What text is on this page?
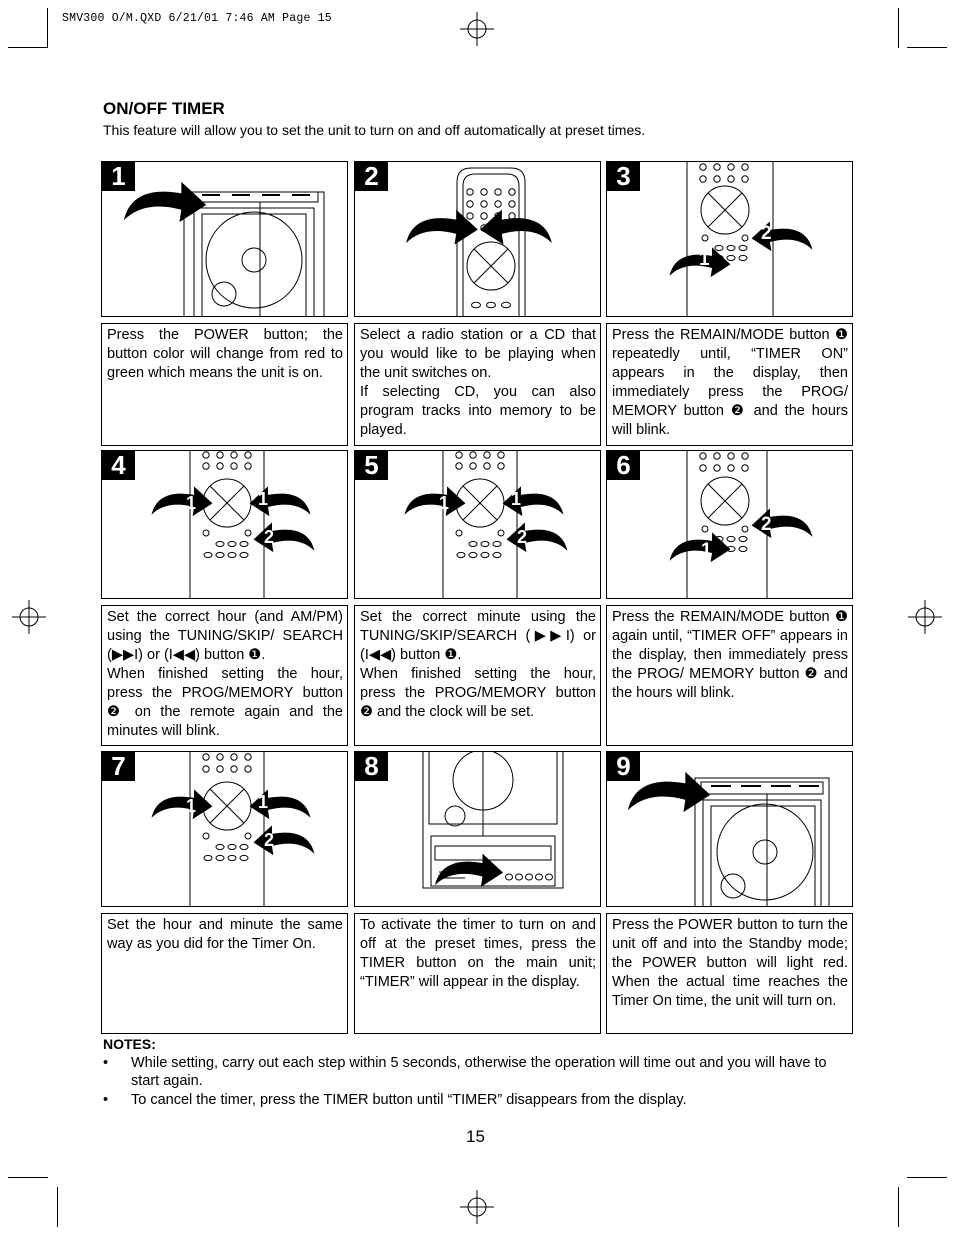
SMV300 O/M.QXD 6/21/01 7:46 AM Page 15
ON/OFF TIMER
This feature will allow you to set the unit to turn on and off automatically at preset times.
1	2	3
1
2
Press the POWER button; the button color will change from red to green which means the unit is on.
Select a radio station or a CD that you would like to be playing when the unit switches on.
If selecting CD, you can also program tracks into memory to be played.
Press the REMAIN/MODE button ❶ repeatedly until, “TIMER ON” appears in the display, then immediately press the PROG/ MEMORY button ❷ and the hours will blink.
4
1	1
2
5
1	1
2
6
1
2
Set the correct hour (and AM/PM) using the TUNING/SKIP/ SEARCH (▶▶I) or (I◀◀) button ❶.
When finished setting the hour, press the PROG/MEMORY button ❷ on the remote again and the minutes will blink.
Set the correct minute using the TUNING/SKIP/SEARCH (▶▶I) or (I◀◀) button ❶.
When finished setting the hour, press the PROG/MEMORY button ❷ and the clock will be set.
Press the REMAIN/MODE button ❶ again until, “TIMER OFF” appears in the display, then immediately press the PROG/ MEMORY button ❷ and the hours will blink.
7
1	1
2
8	9
Set the hour and minute the same way as you did for the Timer On.
To activate the timer to turn on and off at the preset times, press the TIMER button on the main unit; “TIMER” will appear in the display.
Press the POWER button to turn the unit off and into the Standby mode; the POWER button will light red. When the actual time reaches the Timer On time, the unit will turn on.
NOTES:
• While setting, carry out each step within 5 seconds, otherwise the operation will time out and you will have to start again.
• To cancel the timer, press the TIMER button until “TIMER” disappears from the display.
15
